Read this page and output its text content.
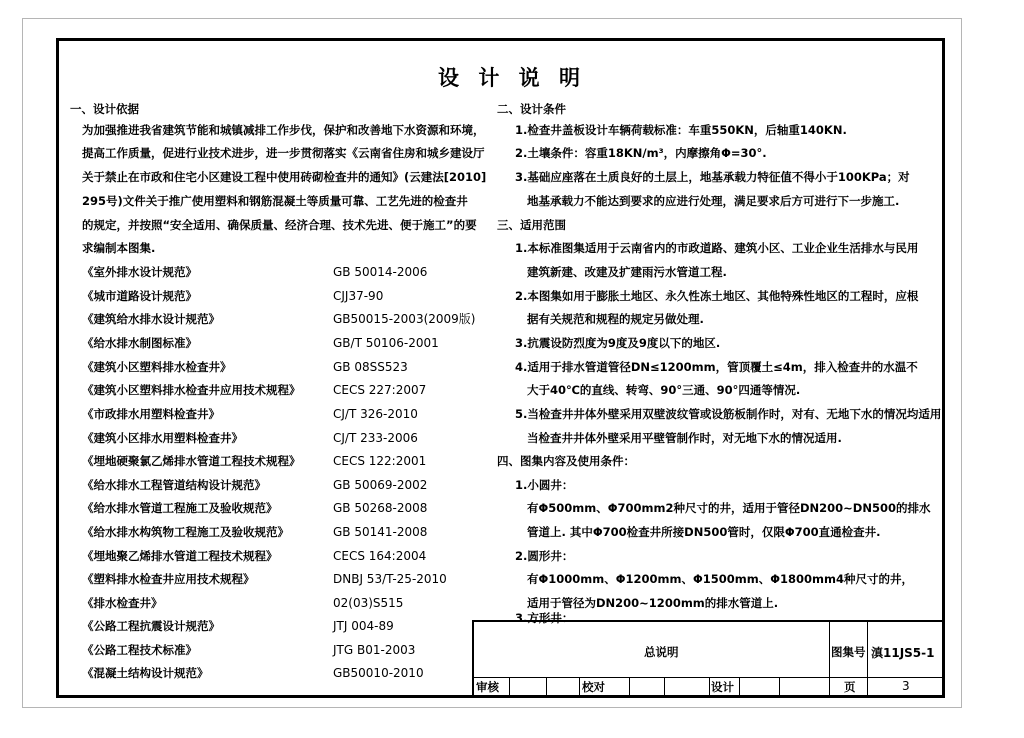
设 计 说 明
一、设计依据
为加强推进我省建筑节能和城镇减排工作步伐，保护和改善地下水资源和环境，
提高工作质量，促进行业技术进步，进一步贯彻落实《云南省住房和城乡建设厅
关于禁止在市政和住宅小区建设工程中使用砖砌检查井的通知》(云建法[2010]
295号)文件关于推广使用塑料和钢筋混凝土等质量可靠、工艺先进的检查井
的规定，并按照“安全适用、确保质量、经济合理、技术先进、便于施工”的要
求编制本图集.
《室外排水设计规范》	GB 50014-2006
《城市道路设计规范》	CJJ37-90
《建筑给水排水设计规范》	GB50015-2003(2009版)
《给水排水制图标准》	GB/T 50106-2001
《建筑小区塑料排水检查井》	GB 08SS523
《建筑小区塑料排水检查井应用技术规程》	CECS 227:2007
《市政排水用塑料检查井》	CJ/T 326-2010
《建筑小区排水用塑料检查井》	CJ/T 233-2006
《埋地硬聚氯乙烯排水管道工程技术规程》	CECS 122:2001
《给水排水工程管道结构设计规范》	GB 50069-2002
《给水排水管道工程施工及验收规范》	GB 50268-2008
《给水排水构筑物工程施工及验收规范》	GB 50141-2008
《埋地聚乙烯排水管道工程技术规程》	CECS 164:2004
《塑料排水检查井应用技术规程》	DNBJ 53/T-25-2010
《排水检查井》	02(03)S515
《公路工程抗震设计规范》	JTJ 004-89
《公路工程技术标准》	JTG B01-2003
《混凝土结构设计规范》	GB50010-2010
二、设计条件
1.检查井盖板设计车辆荷载标准：车重550KN，后轴重140KN.
2.土壤条件：容重18KN/m³，内摩擦角Φ=30°.
3.基础应座落在土质良好的土层上，地基承载力特征值不得小于100KPa；对
地基承载力不能达到要求的应进行处理，满足要求后方可进行下一步施工.
三、适用范围
1.本标准图集适用于云南省内的市政道路、建筑小区、工业企业生活排水与民用
建筑新建、改建及扩建雨污水管道工程.
2.本图集如用于膨胀土地区、永久性冻土地区、其他特殊性地区的工程时，应根
据有关规范和规程的规定另做处理.
3.抗震设防烈度为9度及9度以下的地区.
4.适用于排水管道管径DN≤1200mm，管顶覆土≤4m，排入检查井的水温不
大于40℃的直线、转弯、90°三通、90°四通等情况.
5.当检查井井体外壁采用双壁波纹管或设筋板制作时，对有、无地下水的情况均适用；
当检查井井体外壁采用平壁管制作时，对无地下水的情况适用.
四、图集内容及使用条件：
1.小圆井：
有Φ500mm、Φ700mm2种尺寸的井，适用于管径DN200~DN500的排水
管道上. 其中Φ700检查井所接DN500管时，仅限Φ700直通检查井.
2.圆形井：
有Φ1000mm、Φ1200mm、Φ1500mm、Φ1800mm4种尺寸的井，
适用于管径为DN200~1200mm的排水管道上.
3.方形井：
总说明	图集号 滇11JS5-1
审核	校对	设计	页	3
